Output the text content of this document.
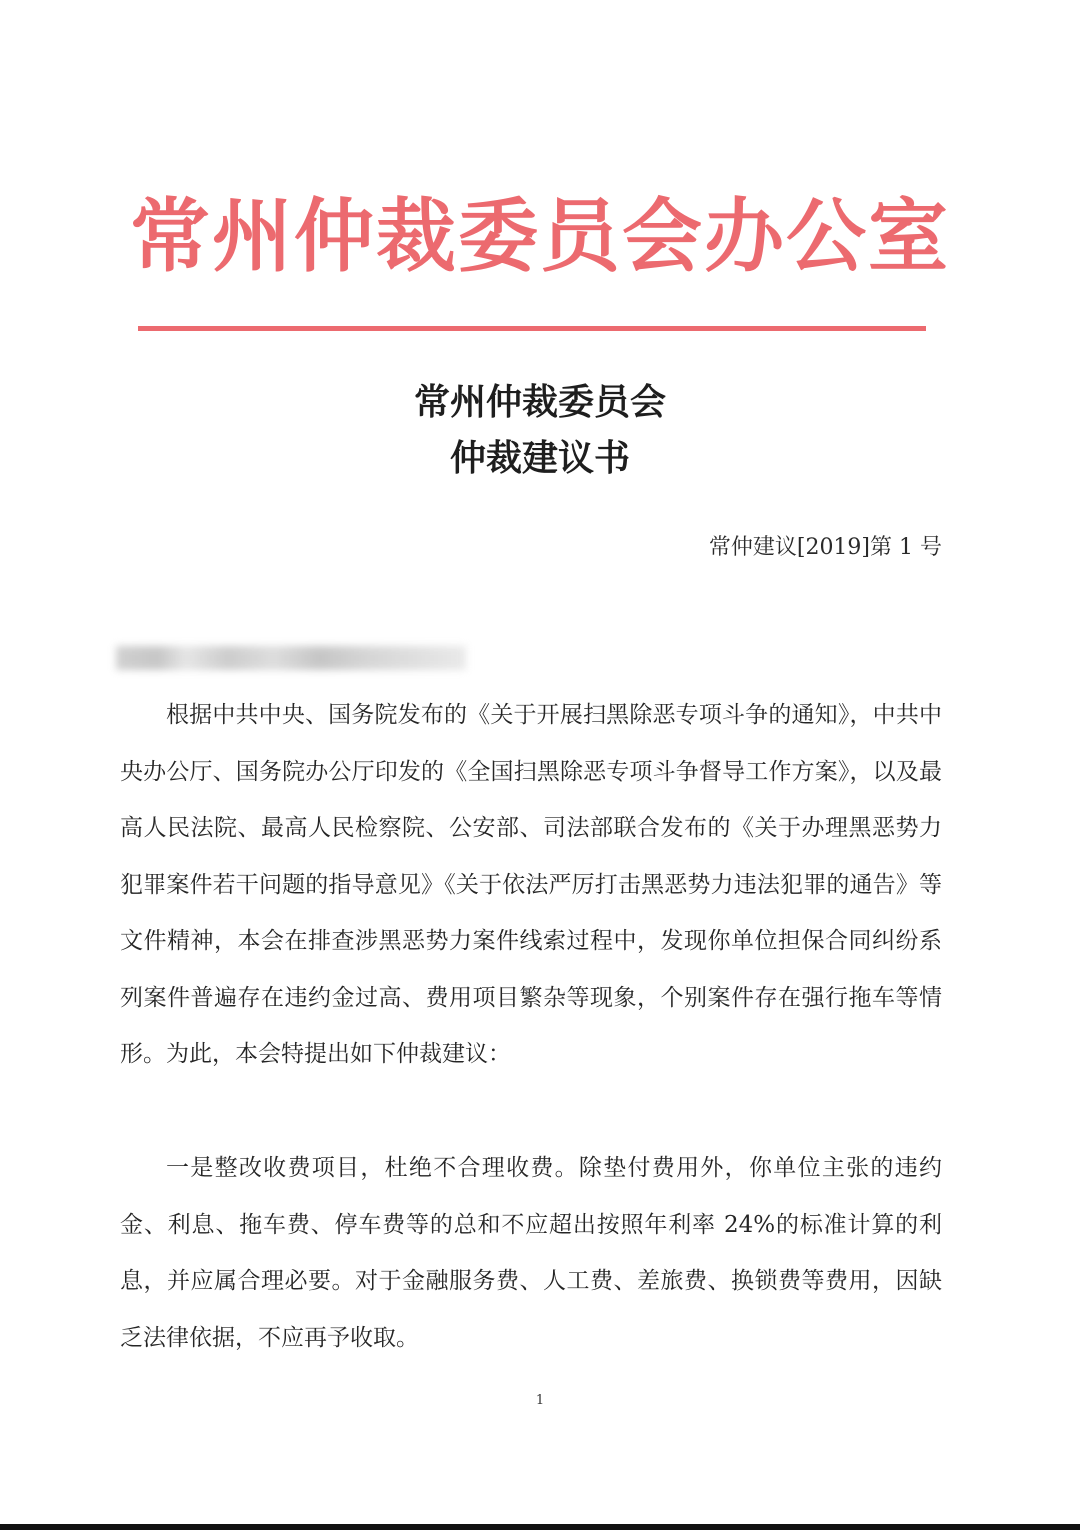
常州仲裁委员会办公室
常州仲裁委员会
仲裁建议书
常仲建议[2019]第 1 号

根据中共中央、国务院发布的《关于开展扫黑除恶专项斗争的通知》，中共中央办公厅、国务院办公厅印发的《全国扫黑除恶专项斗争督导工作方案》，以及最高人民法院、最高人民检察院、公安部、司法部联合发布的《关于办理黑恶势力犯罪案件若干问题的指导意见》《关于依法严厉打击黑恶势力违法犯罪的通告》等文件精神，本会在排查涉黑恶势力案件线索过程中，发现你单位担保合同纠纷系列案件普遍存在违约金过高、费用项目繁杂等现象，个别案件存在强行拖车等情形。为此，本会特提出如下仲裁建议：

一是整改收费项目，杜绝不合理收费。除垫付费用外，你单位主张的违约金、利息、拖车费、停车费等的总和不应超出按照年利率 24%的标准计算的利息，并应属合理必要。对于金融服务费、人工费、差旅费、换锁费等费用，因缺乏法律依据，不应再予收取。

1
